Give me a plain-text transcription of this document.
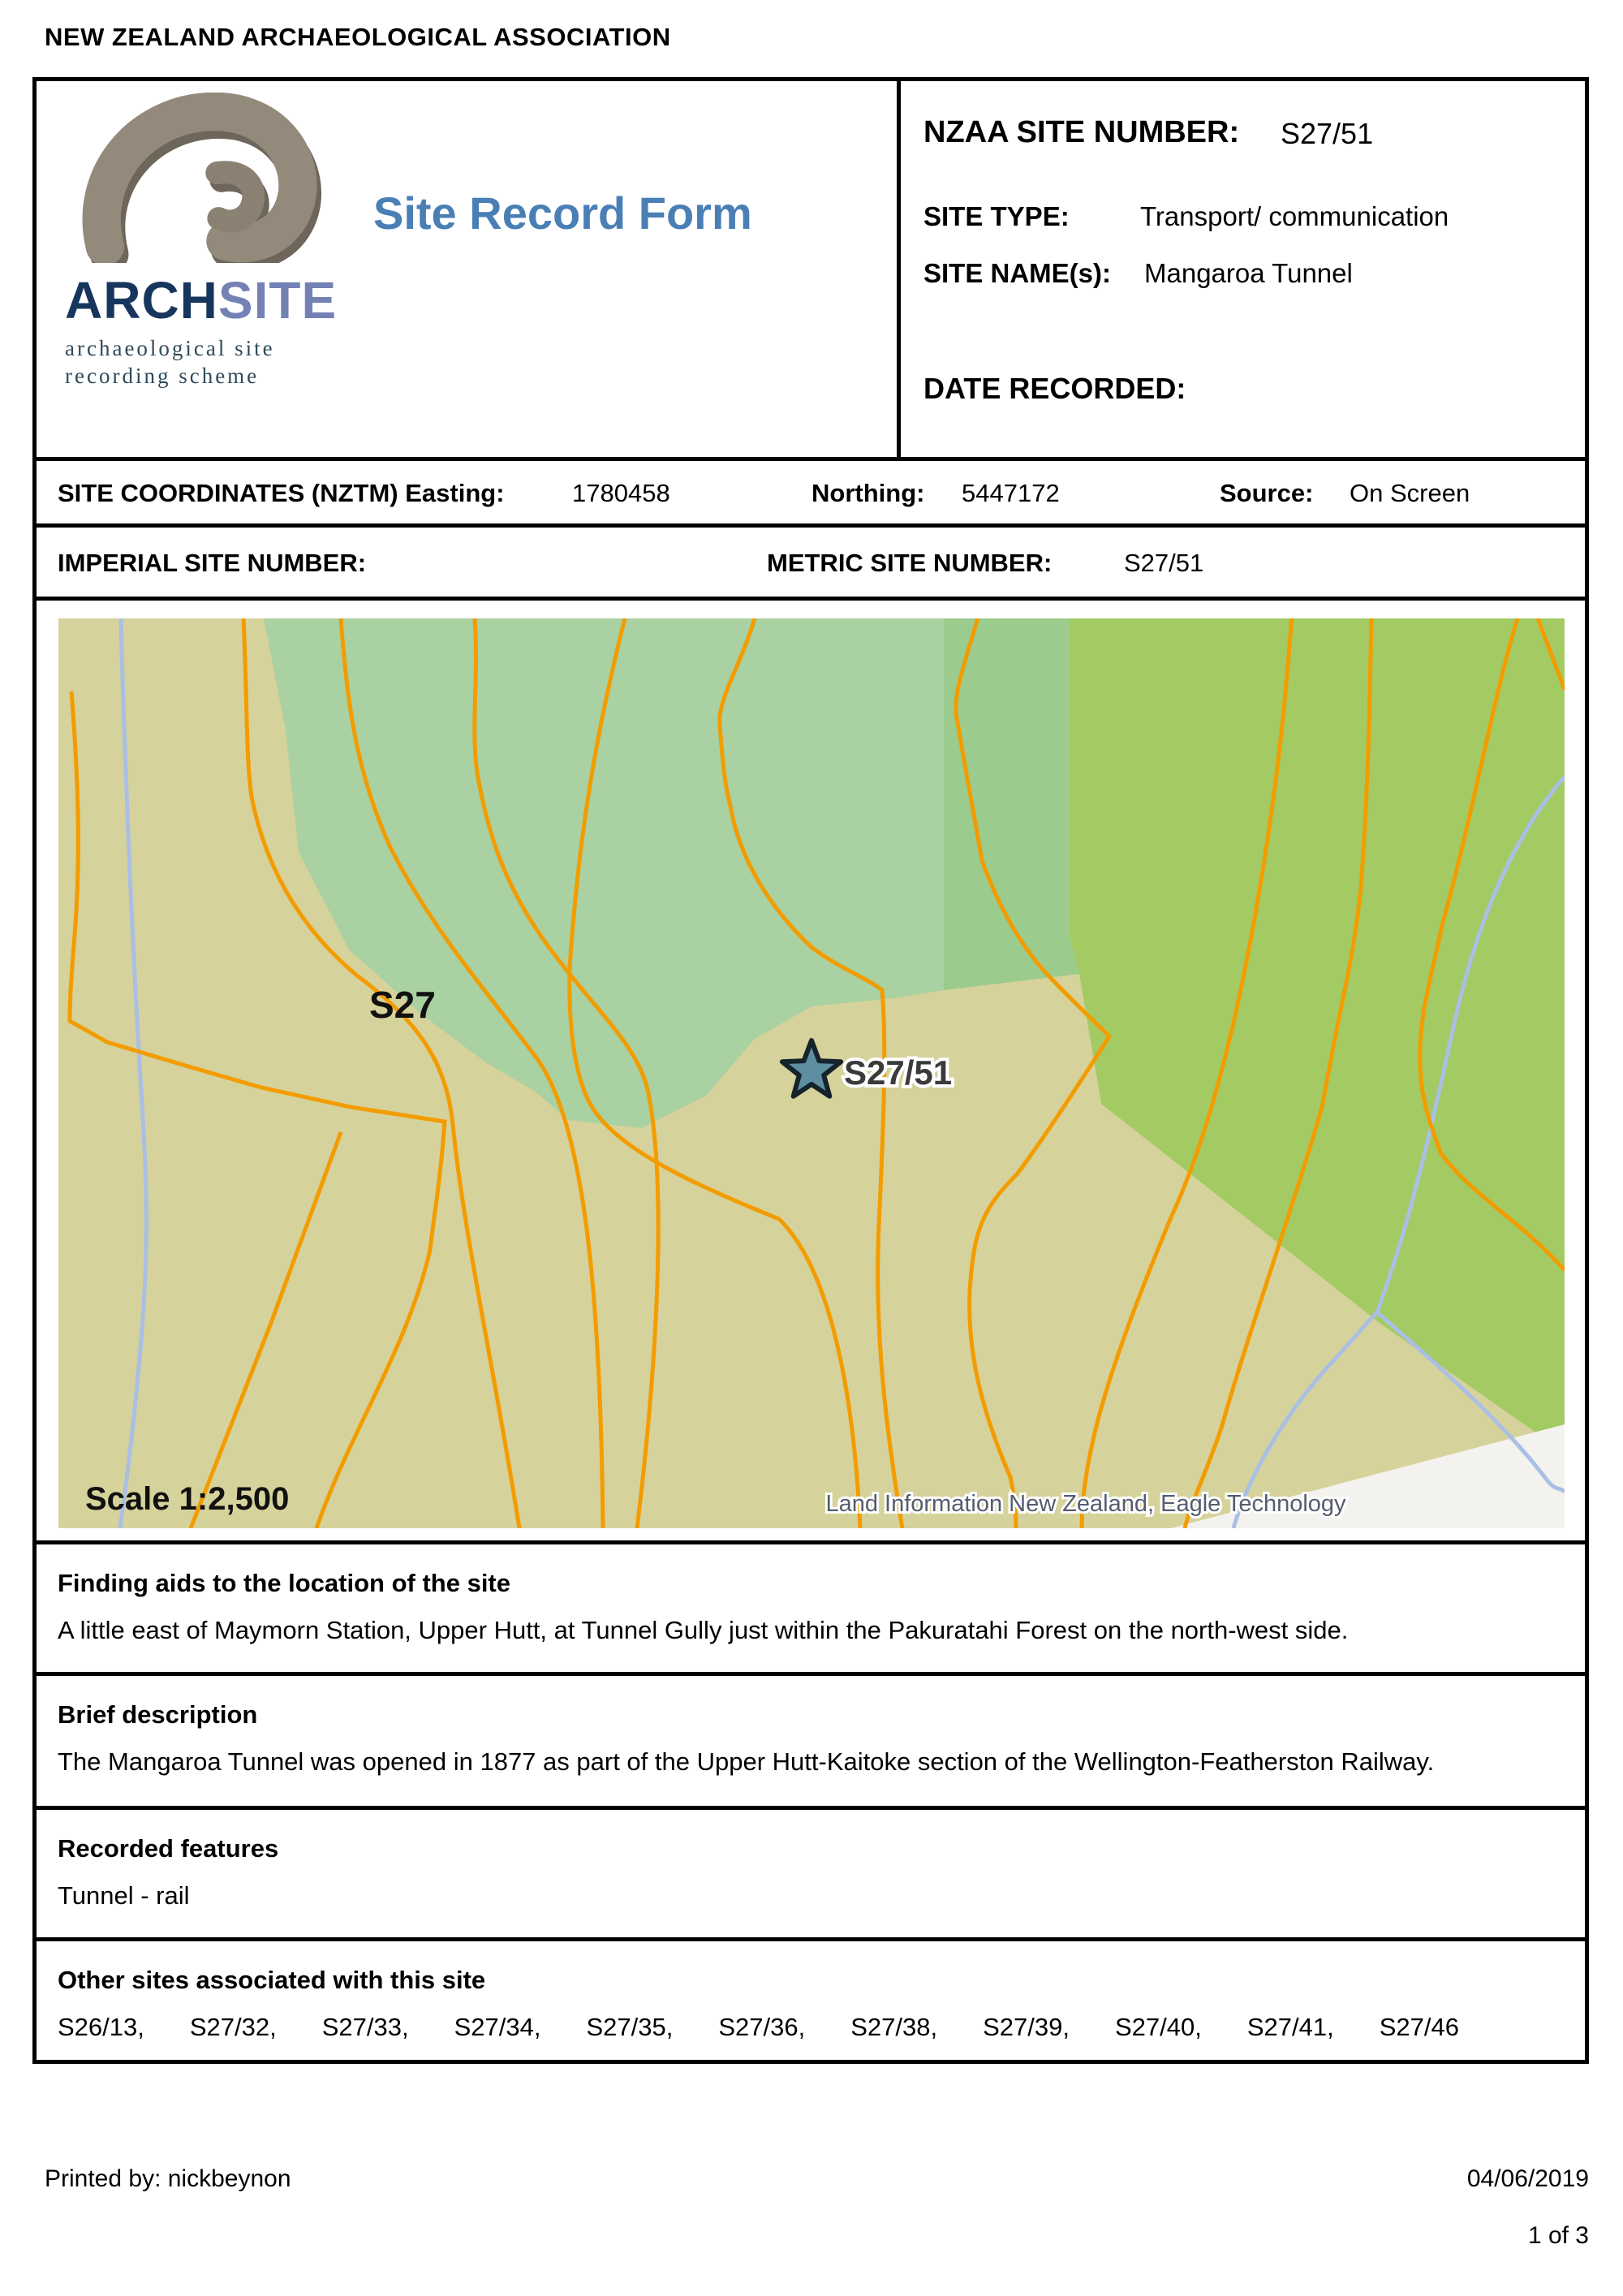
NEW ZEALAND ARCHAEOLOGICAL ASSOCIATION
ARCHSITE
archaeological site
recording scheme
Site Record Form
NZAA SITE NUMBER: S27/51
SITE TYPE:	Transport/ communication
SITE NAME(s): Mangaroa Tunnel
DATE RECORDED:
SITE COORDINATES (NZTM) Easting:	1780458	Northing: 5447172	Source: On Screen
IMPERIAL SITE NUMBER:	METRIC SITE NUMBER:	S27/51
S27
S27/51
Scale 1:2,500	Land Information New Zealand, Eagle Technology
Finding aids to the location of the site
A little east of Maymorn Station, Upper Hutt, at Tunnel Gully just within the Pakuratahi Forest on the north-west side.
Brief description
The Mangaroa Tunnel was opened in 1877 as part of the Upper Hutt-Kaitoke section of the Wellington-Featherston Railway.
Recorded features
Tunnel - rail
Other sites associated with this site
S26/13, S27/32, S27/33, S27/34, S27/35, S27/36, S27/38, S27/39, S27/40, S27/41, S27/46
Printed by: nickbeynon	04/06/2019
1 of 3
